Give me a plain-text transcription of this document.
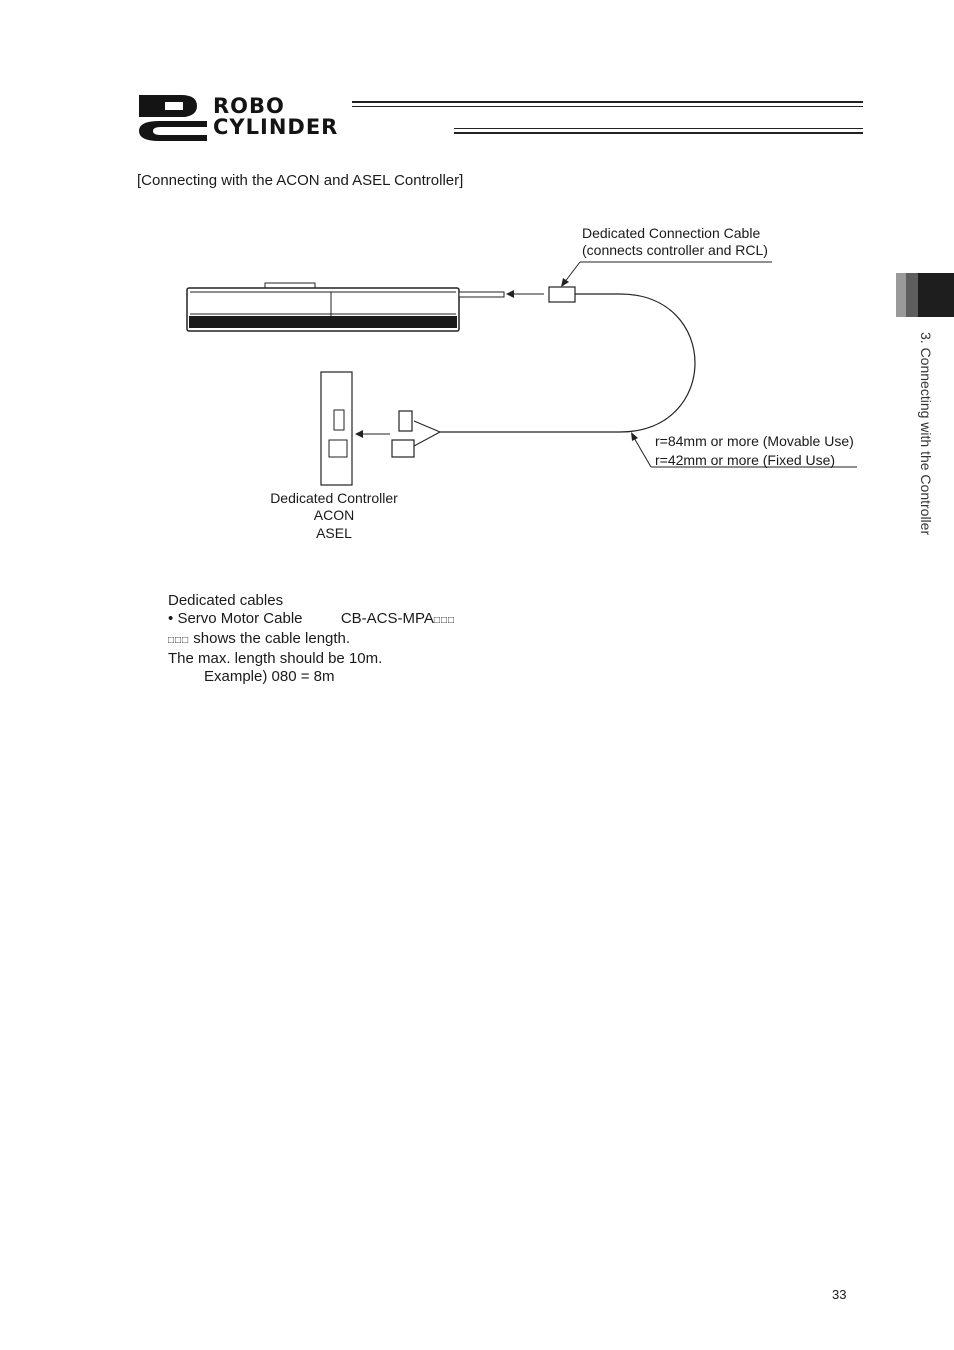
ROBO
CYLINDER
[Connecting with the ACON and ASEL Controller]
Dedicated Connection Cable
(connects controller and RCL)
r=84mm or more (Movable Use)
r=42mm or more (Fixed Use)
Dedicated Controller
ACON
ASEL	3. Connecting with the Controller
Dedicated cables
• Servo Motor Cable	CB-ACS-MPA□□□
□□□ shows the cable length.
The max. length should be 10m.
Example) 080 = 8m
33
